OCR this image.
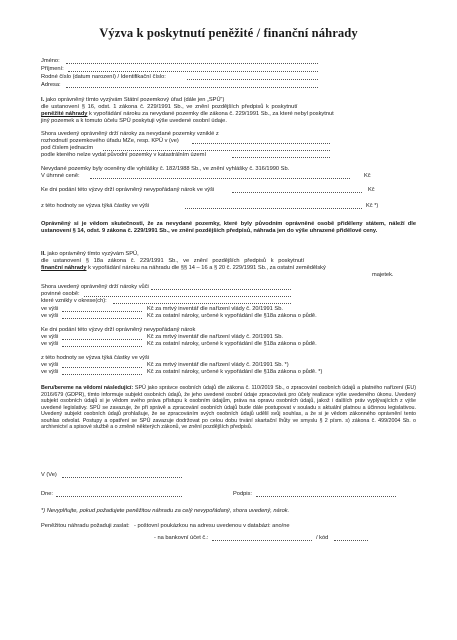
Výzva k poskytnutí peněžité / finanční náhrady
Jméno:
Příjmení:
Rodné číslo (datum narození) / Identifikační číslo:
Adresa:
I. jako oprávněný tímto vyzývám Státní pozemkový úřad (dále jen „SPÚ“)
dle ustanovení § 16, odst. 1 zákona č. 229/1991 Sb., ve znění pozdějších předpisů k poskytnutí
peněžité náhrady k vypořádání nároku za nevydané pozemky dle zákona č. 229/1991 Sb., za které nebyl poskytnut
jiný pozemek a k tomuto účelu SPÚ poskytuji výše uvedené osobní údaje.
Shora uvedený oprávněný drží nároky za nevydané pozemky vzniklé z
rozhodnutí pozemkového úřadu MZe, resp. KPÚ v (ve)
pod číslem jednacím
podle kterého nelze vydat původní pozemky v katastrálním území
Nevydané pozemky byly oceněny dle vyhlášky č. 182/1988 Sb., ve znění vyhlášky č. 316/1990 Sb.
V úhrnné ceně:	Kč
Ke dni podání této výzvy drží oprávněný nevypořádaný nárok ve výši	Kč
z této hodnoty se výzva týká částky ve výši	Kč *)
Oprávněný si je vědom skutečnosti, že za nevydané pozemky, které byly původním oprávněné osobě přiděleny státem, náleží dle ustanovení § 14, odst. 9 zákona č. 229/1991 Sb., ve znění pozdějších předpisů, náhrada jen do výše uhrazené přidělové ceny.
II. jako oprávněný tímto vyzývám SPÚ,
dle ustanovení § 18a zákona č. 229/1991 Sb., ve znění pozdějších předpisů k poskytnutí
finanční náhrady k vypořádání nároku na náhradu dle §§ 14 – 16 a § 20 č. 229/1991 Sb., za ostatní zemědělský
majetek.
Shora uvedený oprávněný drží nároky vůči
povinné osobě:
které vznikly v okrese(ch):
ve výši	Kč za mrtvý inventář dle nařízení vlády č. 20/1991 Sb.
ve výši	Kč za ostatní nároky, určené k vypořádání dle §18a zákona o půdě.
Ke dni podání této výzvy drží oprávněný nevypořádaný nárok
ve výši	Kč za mrtvý inventář dle nařízení vlády č. 20/1991 Sb.
ve výši	Kč za ostatní nároky, určené k vypořádání dle §18a zákona o půdě.
z této hodnoty se výzva týká částky ve výši
ve výši	Kč za mrtvý inventář dle nařízení vlády č. 20/1991 Sb. *)
ve výši	Kč za ostatní nároky, určené k vypořádání dle §18a zákona o půdě. *)
Beru/bereme na vědomí následující: SPÚ jako správce osobních údajů dle zákona č. 110/2019 Sb., o zpracování osobních údajů a platného nařízení (EU) 2016/679 (GDPR), tímto informuje subjekt osobních údajů, že jeho uvedené osobní údaje zpracovává pro účely realizace výše uvedeného úkonu. Uvedený subjekt osobních údajů si je vědom svého práva přístupu k osobním údajům, práva na opravu osobních údajů, jakož i dalších práv vyplývajících z výše uvedené legislativy. SPÚ se zavazuje, že při správě a zpracování osobních údajů bude dále postupovat v souladu s aktuální platnou a účinnou legislativou. Uvedený subjekt osobních údajů prohlašuje, že se zpracováním svých osobních údajů udělil svůj souhlas, a že si je vědom zákonného oprávnění tento souhlas odvolat. Postupy a opatření se SPÚ zavazuje dodržovat po celou dobu trvání skartační lhůty ve smyslu § 2 písm. s) zákona č. 499/2004 Sb. o archivnictví a spisové službě a o změně některých zákonů, ve znění pozdějších předpisů.
V (Ve)
Dne:	Podpis:
*) Nevyplňujte, pokud požadujete peněžitou náhradu za celý nevypořádaný, shora uvedený, nárok.
Peněžitou náhradu požaduji zaslat: - poštovní poukázkou na adresu uvedenou v databázi: ano/ne
- na bankovní účet č.:	/ kód
